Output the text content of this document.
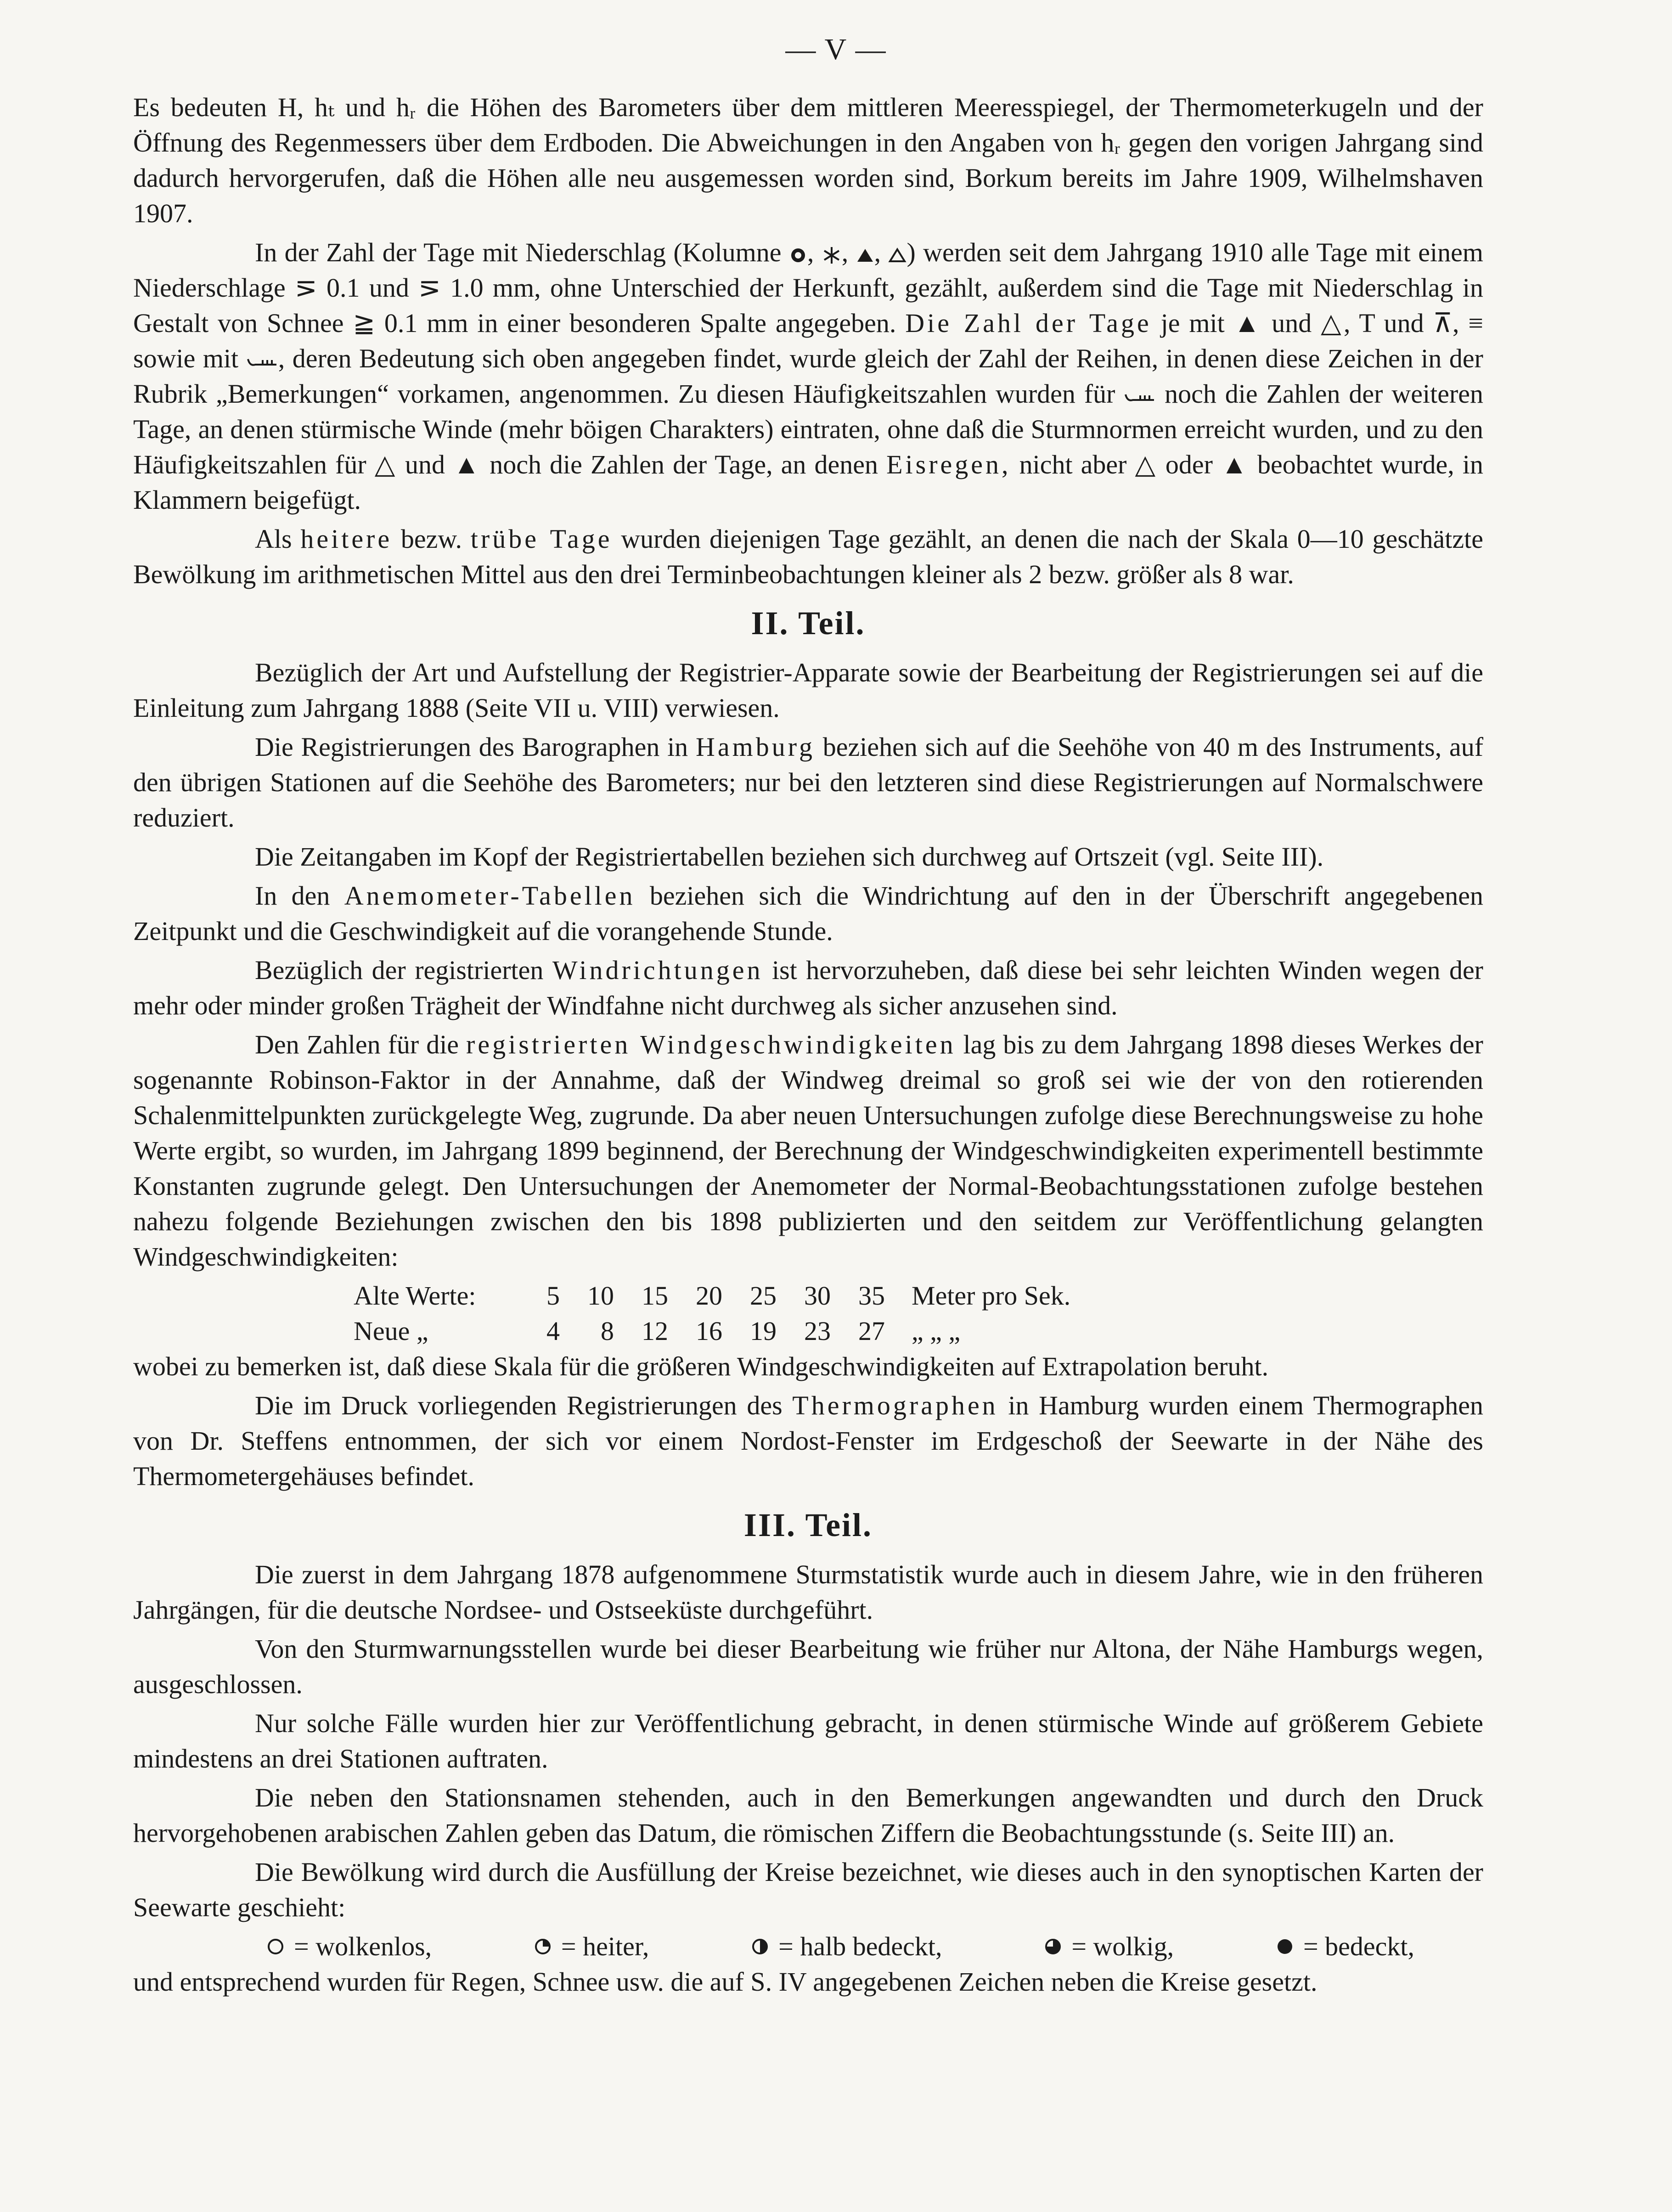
— V —

Es bedeuten H, hₜ und hᵣ die Höhen des Barometers über dem mittleren Meeresspiegel, der Thermometerkugeln und der Öffnung des Regenmessers über dem Erdboden. Die Abweichungen in den Angaben von hᵣ gegen den vorigen Jahrgang sind dadurch hervorgerufen, daß die Höhen alle neu ausgemessen worden sind, Borkum bereits im Jahre 1909, Wilhelmshaven 1907.

In der Zahl der Tage mit Niederschlag (Kolumne , , , ) werden seit dem Jahrgang 1910 alle Tage mit einem Niederschlage ⋝ 0.1 und ⋝ 1.0 mm, ohne Unterschied der Herkunft, gezählt, außerdem sind die Tage mit Niederschlag in Gestalt von Schnee ≧ 0.1 mm in einer besonderen Spalte angegeben. Die Zahl der Tage je mit ▲ und △, T und ⊼, ≡ sowie mit , deren Bedeutung sich oben angegeben findet, wurde gleich der Zahl der Reihen, in denen diese Zeichen in der Rubrik „Bemerkungen“ vorkamen, angenommen. Zu diesen Häufigkeitszahlen wurden für noch die Zahlen der weiteren Tage, an denen stürmische Winde (mehr böigen Charakters) eintraten, ohne daß die Sturmnormen erreicht wurden, und zu den Häufigkeitszahlen für △ und ▲ noch die Zahlen der Tage, an denen Eisregen, nicht aber △ oder ▲ beobachtet wurde, in Klammern beigefügt.

Als heitere bezw. trübe Tage wurden diejenigen Tage gezählt, an denen die nach der Skala 0—10 geschätzte Bewölkung im arithmetischen Mittel aus den drei Terminbeobachtungen kleiner als 2 bezw. größer als 8 war.

II. Teil.

Bezüglich der Art und Aufstellung der Registrier-Apparate sowie der Bearbeitung der Registrierungen sei auf die Einleitung zum Jahrgang 1888 (Seite VII u. VIII) verwiesen.

Die Registrierungen des Barographen in Hamburg beziehen sich auf die Seehöhe von 40 m des Instruments, auf den übrigen Stationen auf die Seehöhe des Barometers; nur bei den letzteren sind diese Registrierungen auf Normalschwere reduziert.

Die Zeitangaben im Kopf der Registriertabellen beziehen sich durchweg auf Ortszeit (vgl. Seite III).

In den Anemometer-Tabellen beziehen sich die Windrichtung auf den in der Überschrift angegebenen Zeitpunkt und die Geschwindigkeit auf die vorangehende Stunde.

Bezüglich der registrierten Windrichtungen ist hervorzuheben, daß diese bei sehr leichten Winden wegen der mehr oder minder großen Trägheit der Windfahne nicht durchweg als sicher anzusehen sind.

Den Zahlen für die registrierten Windgeschwindigkeiten lag bis zu dem Jahrgang 1898 dieses Werkes der sogenannte Robinson-Faktor in der Annahme, daß der Windweg dreimal so groß sei wie der von den rotierenden Schalenmittelpunkten zurückgelegte Weg, zugrunde. Da aber neuen Untersuchungen zufolge diese Berechnungsweise zu hohe Werte ergibt, so wurden, im Jahrgang 1899 beginnend, der Berechnung der Windgeschwindigkeiten experimentell bestimmte Konstanten zugrunde gelegt. Den Untersuchungen der Anemometer der Normal-Beobachtungsstationen zufolge bestehen nahezu folgende Beziehungen zwischen den bis 1898 publizierten und den seitdem zur Veröffentlichung gelangten Windgeschwindigkeiten:

Alte Werte:	5	10	15	20	25	30	35	Meter pro Sek.
Neue „	4	8	12	16	19	23	27	„ „ „

wobei zu bemerken ist, daß diese Skala für die größeren Windgeschwindigkeiten auf Extrapolation beruht.

Die im Druck vorliegenden Registrierungen des Thermographen in Hamburg wurden einem Thermographen von Dr. Steffens entnommen, der sich vor einem Nordost-Fenster im Erdgeschoß der Seewarte in der Nähe des Thermometergehäuses befindet.

III. Teil.

Die zuerst in dem Jahrgang 1878 aufgenommene Sturmstatistik wurde auch in diesem Jahre, wie in den früheren Jahrgängen, für die deutsche Nordsee- und Ostseeküste durchgeführt.

Von den Sturmwarnungsstellen wurde bei dieser Bearbeitung wie früher nur Altona, der Nähe Hamburgs wegen, ausgeschlossen.

Nur solche Fälle wurden hier zur Veröffentlichung gebracht, in denen stürmische Winde auf größerem Gebiete mindestens an drei Stationen auftraten.

Die neben den Stationsnamen stehenden, auch in den Bemerkungen angewandten und durch den Druck hervorgehobenen arabischen Zahlen geben das Datum, die römischen Ziffern die Beobachtungsstunde (s. Seite III) an.

Die Bewölkung wird durch die Ausfüllung der Kreise bezeichnet, wie dieses auch in den synoptischen Karten der Seewarte geschieht:

= wolkenlos,	= heiter,	= halb bedeckt,	= wolkig,	= bedeckt,

und entsprechend wurden für Regen, Schnee usw. die auf S. IV angegebenen Zeichen neben die Kreise gesetzt.
